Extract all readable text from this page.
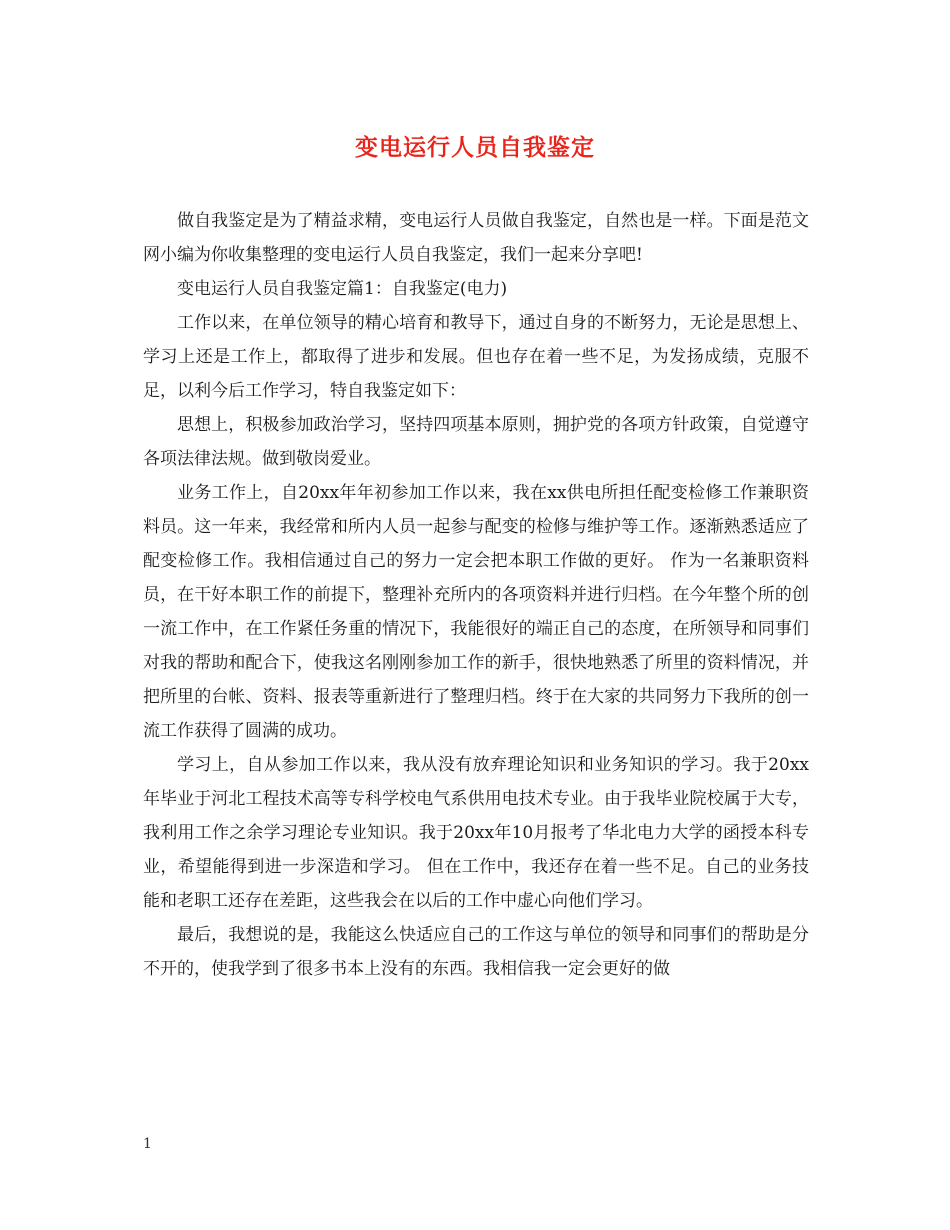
变电运行人员自我鉴定

做自我鉴定是为了精益求精，变电运行人员做自我鉴定，自然也是一样。下面是范文网小编为你收集整理的变电运行人员自我鉴定，我们一起来分享吧!

变电运行人员自我鉴定篇1：自我鉴定(电力)

工作以来，在单位领导的精心培育和教导下，通过自身的不断努力，无论是思想上、学习上还是工作上，都取得了进步和发展。但也存在着一些不足，为发扬成绩，克服不足，以利今后工作学习，特自我鉴定如下：

思想上，积极参加政治学习，坚持四项基本原则，拥护党的各项方针政策，自觉遵守各项法律法规。做到敬岗爱业。

业务工作上，自20xx年年初参加工作以来，我在xx供电所担任配变检修工作兼职资料员。这一年来，我经常和所内人员一起参与配变的检修与维护等工作。逐渐熟悉适应了配变检修工作。我相信通过自己的努力一定会把本职工作做的更好。 作为一名兼职资料员，在干好本职工作的前提下，整理补充所内的各项资料并进行归档。在今年整个所的创一流工作中，在工作紧任务重的情况下，我能很好的端正自己的态度，在所领导和同事们对我的帮助和配合下，使我这名刚刚参加工作的新手，很快地熟悉了所里的资料情况，并把所里的台帐、资料、报表等重新进行了整理归档。终于在大家的共同努力下我所的创一流工作获得了圆满的成功。

学习上，自从参加工作以来，我从没有放弃理论知识和业务知识的学习。我于20xx年毕业于河北工程技术高等专科学校电气系供用电技术专业。由于我毕业院校属于大专，我利用工作之余学习理论专业知识。我于20xx年10月报考了华北电力大学的函授本科专业，希望能得到进一步深造和学习。 但在工作中，我还存在着一些不足。自己的业务技能和老职工还存在差距，这些我会在以后的工作中虚心向他们学习。

最后，我想说的是，我能这么快适应自己的工作这与单位的领导和同事们的帮助是分不开的，使我学到了很多书本上没有的东西。我相信我一定会更好的做

1
